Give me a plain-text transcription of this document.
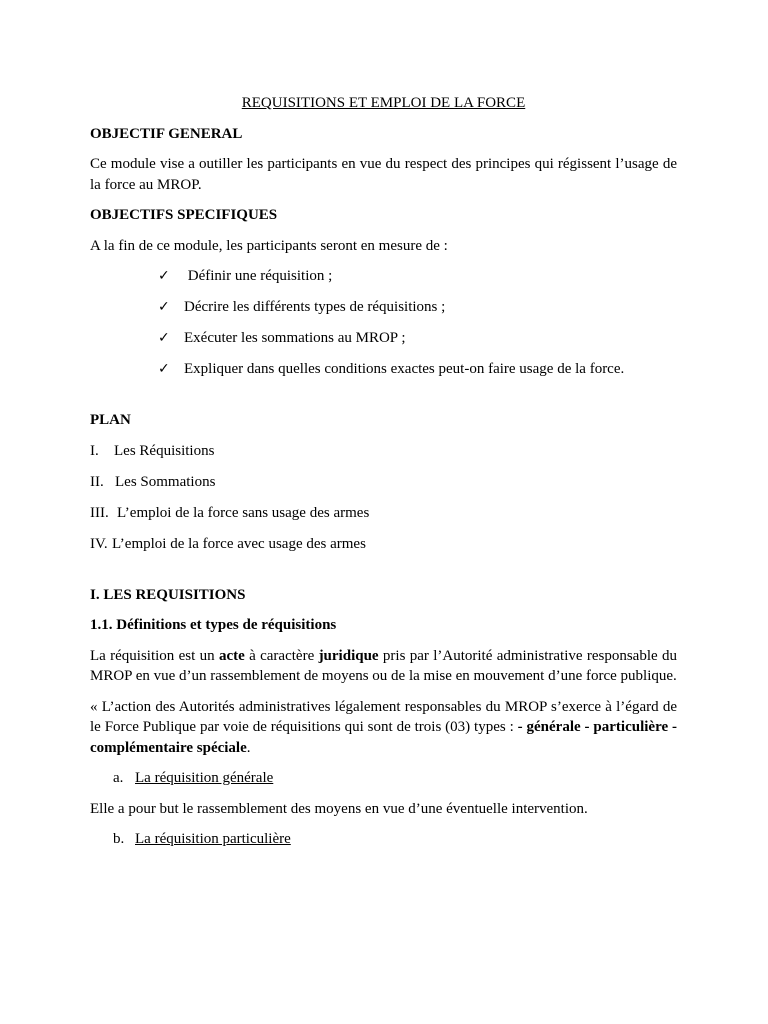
REQUISITIONS ET EMPLOI DE LA FORCE
OBJECTIF GENERAL

Ce module vise a outiller les participants en vue du respect des principes qui régissent l’usage de la force au MROP.

OBJECTIFS SPECIFIQUES

A la fin de ce module, les participants seront en mesure de :

✓ Définir une réquisition ;
✓ Décrire les différents types de réquisitions ;
✓ Exécuter les sommations au MROP ;
✓ Expliquer dans quelles conditions exactes peut-on faire usage de la force.
PLAN
I. Les Réquisitions
II. Les Sommations
III. L’emploi de la force sans usage des armes
IV. L’emploi de la force avec usage des armes
I. LES REQUISITIONS
1.1. Définitions et types de réquisitions

La réquisition est un acte à caractère juridique pris par l’Autorité administrative responsable du MROP en vue d’un rassemblement de moyens ou de la mise en mouvement d’une force publique.

« L’action des Autorités administratives légalement responsables du MROP s’exerce à l’égard de le Force Publique par voie de réquisitions qui sont de trois (03) types : - générale - particulière - complémentaire spéciale.

a. La réquisition générale

Elle a pour but le rassemblement des moyens en vue d’une éventuelle intervention.

b. La réquisition particulière
